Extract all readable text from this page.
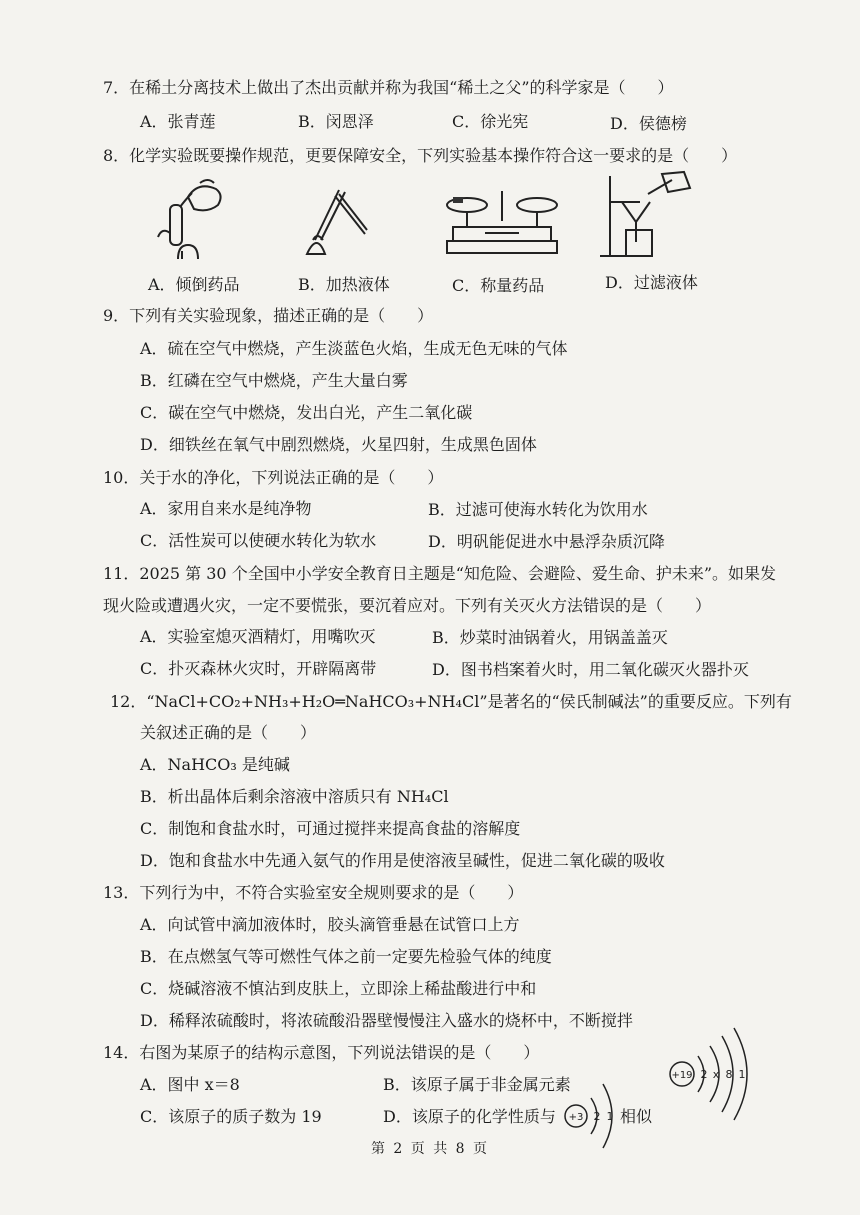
7．在稀土分离技术上做出了杰出贡献并称为我国“稀土之父”的科学家是（　　）
A．张青莲	B．闵恩泽	C．徐光宪	D．侯德榜
8．化学实验既要操作规范，更要保障安全，下列实验基本操作符合这一要求的是（　　）
A．倾倒药品	B．加热液体	C．称量药品	D．过滤液体
9．下列有关实验现象，描述正确的是（　　）
A．硫在空气中燃烧，产生淡蓝色火焰，生成无色无味的气体
B．红磷在空气中燃烧，产生大量白雾
C．碳在空气中燃烧，发出白光，产生二氧化碳
D．细铁丝在氧气中剧烈燃烧，火星四射，生成黑色固体
10．关于水的净化，下列说法正确的是（　　）
A．家用自来水是纯净物	B．过滤可使海水转化为饮用水
C．活性炭可以使硬水转化为软水	D．明矾能促进水中悬浮杂质沉降
11．2025 第 30 个全国中小学安全教育日主题是“知危险、会避险、爱生命、护未来”。如果发
现火险或遭遇火灾，一定不要慌张，要沉着应对。下列有关灭火方法错误的是（　　）
A．实验室熄灭酒精灯，用嘴吹灭	B．炒菜时油锅着火，用锅盖盖灭
C．扑灭森林火灾时，开辟隔离带	D．图书档案着火时，用二氧化碳灭火器扑灭
12．“NaCl+CO₂+NH₃+H₂O═NaHCO₃+NH₄Cl”是著名的“侯氏制碱法”的重要反应。下列有
关叙述正确的是（　　）
A．NaHCO₃ 是纯碱
B．析出晶体后剩余溶液中溶质只有 NH₄Cl
C．制饱和食盐水时，可通过搅拌来提高食盐的溶解度
D．饱和食盐水中先通入氨气的作用是使溶液呈碱性，促进二氧化碳的吸收
13．下列行为中，不符合实验室安全规则要求的是（　　）
A．向试管中滴加液体时，胶头滴管垂悬在试管口上方
B．在点燃氢气等可燃性气体之前一定要先检验气体的纯度
C．烧碱溶液不慎沾到皮肤上，立即涂上稀盐酸进行中和
D．稀释浓硫酸时，将浓硫酸沿器壁慢慢注入盛水的烧杯中，不断搅拌
14．右图为某原子的结构示意图，下列说法错误的是（　　）
A．图中 x＝8	B．该原子属于非金属元素
C．该原子的质子数为 19	D．该原子的化学性质与	相似
+19 2 x 8 1
+3 2 1
第 2 页 共 8 页
